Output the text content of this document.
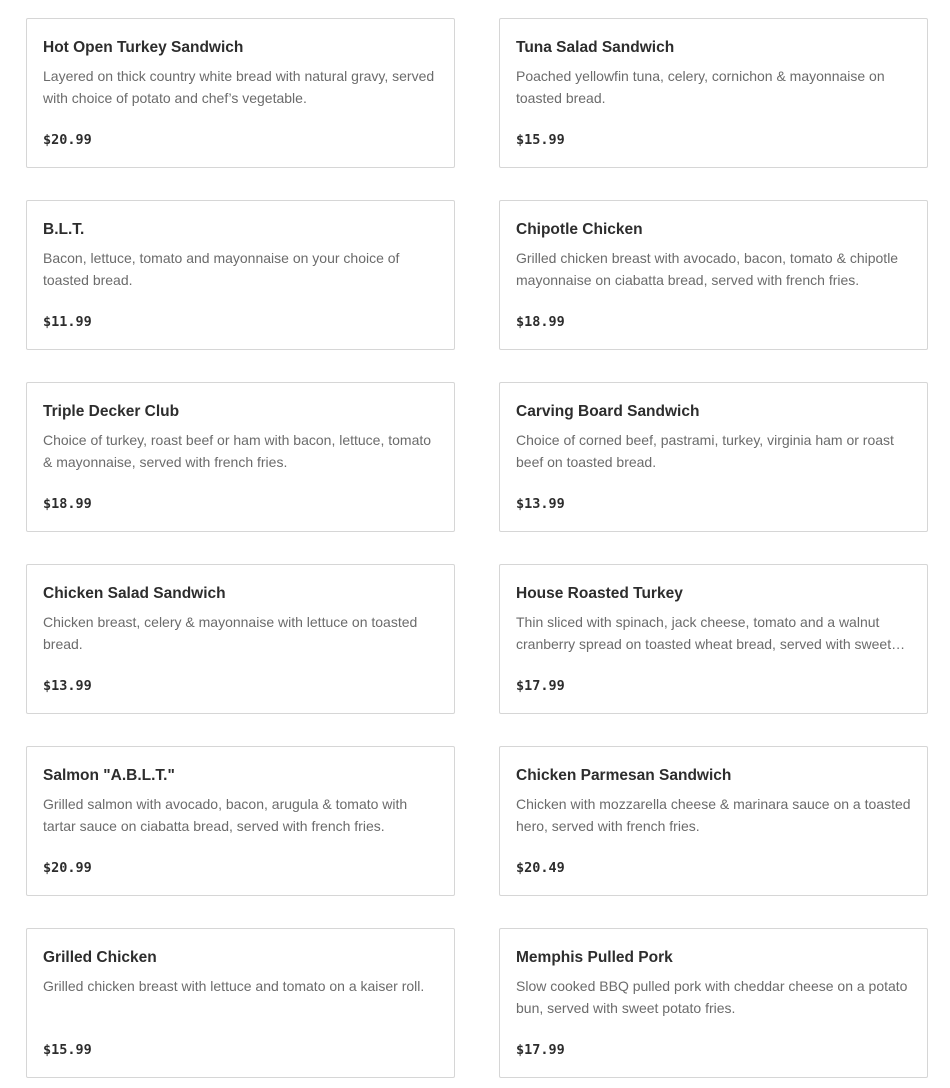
Hot Open Turkey Sandwich
Layered on thick country white bread with natural gravy, served with choice of potato and chef’s vegetable.
$20.99
Tuna Salad Sandwich
Poached yellowfin tuna, celery, cornichon & mayonnaise on toasted bread.
$15.99
B.L.T.
Bacon, lettuce, tomato and mayonnaise on your choice of toasted bread.
$11.99
Chipotle Chicken
Grilled chicken breast with avocado, bacon, tomato & chipotle mayonnaise on ciabatta bread, served with french fries.
$18.99
Triple Decker Club
Choice of turkey, roast beef or ham with bacon, lettuce, tomato & mayonnaise, served with french fries.
$18.99
Carving Board Sandwich
Choice of corned beef, pastrami, turkey, virginia ham or roast beef on toasted bread.
$13.99
Chicken Salad Sandwich
Chicken breast, celery & mayonnaise with lettuce on toasted bread.
$13.99
House Roasted Turkey
Thin sliced with spinach, jack cheese, tomato and a walnut cranberry spread on toasted wheat bread, served with sweet…
$17.99
Salmon "A.B.L.T."
Grilled salmon with avocado, bacon, arugula & tomato with tartar sauce on ciabatta bread, served with french fries.
$20.99
Chicken Parmesan Sandwich
Chicken with mozzarella cheese & marinara sauce on a toasted hero, served with french fries.
$20.49
Grilled Chicken
Grilled chicken breast with lettuce and tomato on a kaiser roll.
$15.99
Memphis Pulled Pork
Slow cooked BBQ pulled pork with cheddar cheese on a potato bun, served with sweet potato fries.
$17.99
